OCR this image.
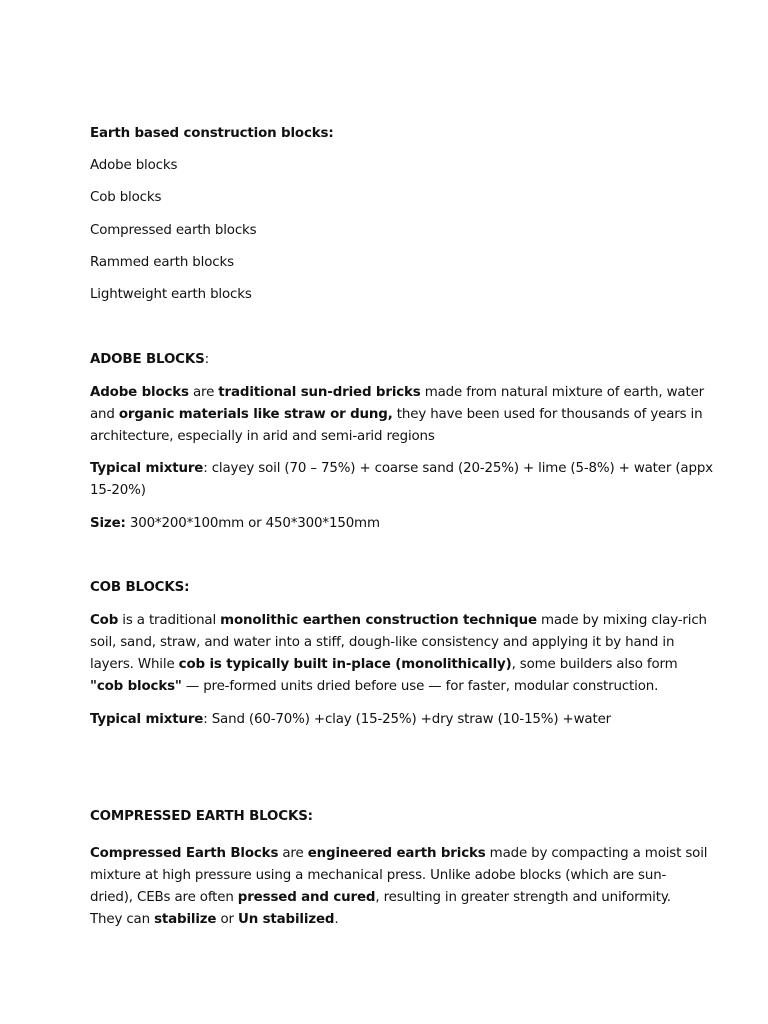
Earth based construction blocks:
Adobe blocks
Cob blocks
Compressed earth blocks
Rammed earth blocks
Lightweight earth blocks
ADOBE BLOCKS:
Adobe blocks are traditional sun-dried bricks made from natural mixture of earth, water
and organic materials like straw or dung, they have been used for thousands of years in
architecture, especially in arid and semi-arid regions
Typical mixture: clayey soil (70 – 75%) + coarse sand (20-25%) + lime (5-8%) + water (appx
15-20%)
Size: 300*200*100mm or 450*300*150mm
COB BLOCKS:
Cob is a traditional monolithic earthen construction technique made by mixing clay-rich
soil, sand, straw, and water into a stiff, dough-like consistency and applying it by hand in
layers. While cob is typically built in-place (monolithically), some builders also form
"cob blocks" — pre-formed units dried before use — for faster, modular construction.
Typical mixture: Sand (60-70%) +clay (15-25%) +dry straw (10-15%) +water
COMPRESSED EARTH BLOCKS:
Compressed Earth Blocks are engineered earth bricks made by compacting a moist soil
mixture at high pressure using a mechanical press. Unlike adobe blocks (which are sun-
dried), CEBs are often pressed and cured, resulting in greater strength and uniformity.
They can stabilize or Un stabilized.
